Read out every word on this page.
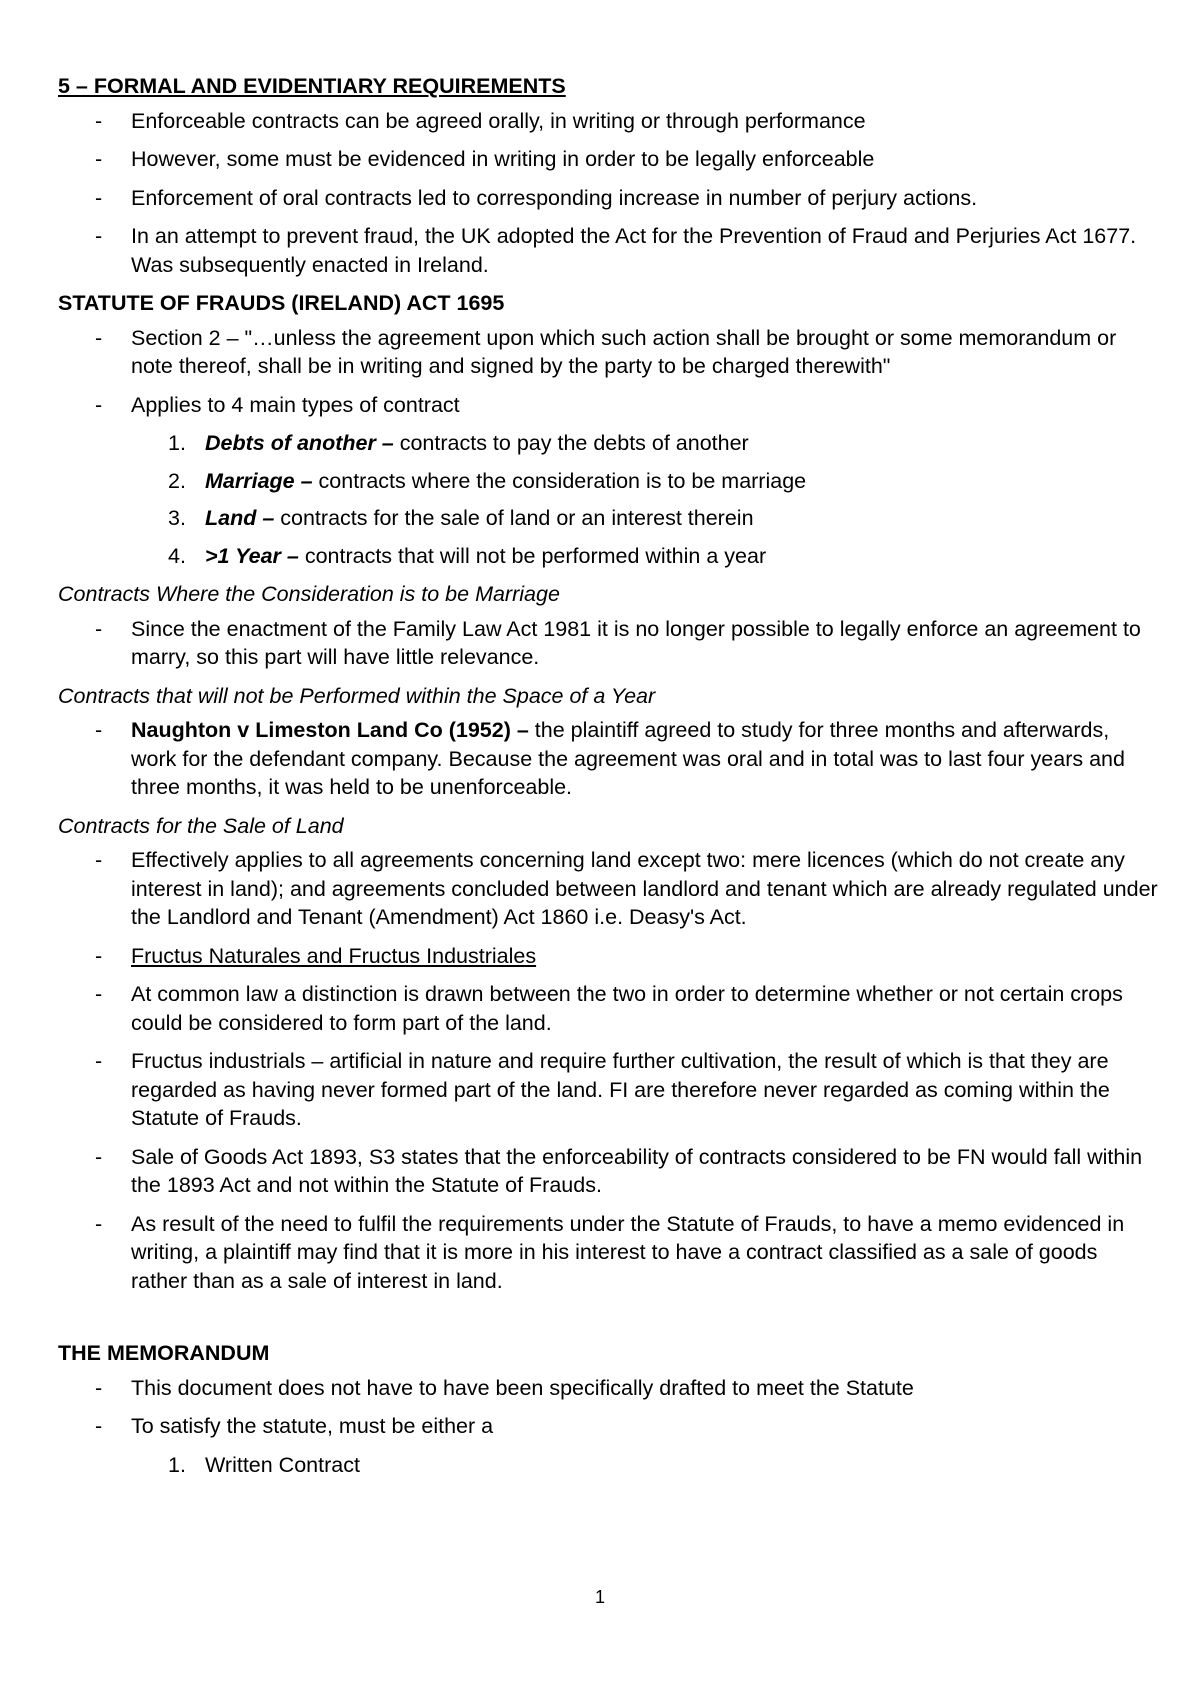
5 – FORMAL AND EVIDENTIARY REQUIREMENTS
- Enforceable contracts can be agreed orally, in writing or through performance
- However, some must be evidenced in writing in order to be legally enforceable
- Enforcement of oral contracts led to corresponding increase in number of perjury actions.
- In an attempt to prevent fraud, the UK adopted the Act for the Prevention of Fraud and Perjuries Act 1677. Was subsequently enacted in Ireland.
STATUTE OF FRAUDS (IRELAND) ACT 1695
- Section 2 – "…unless the agreement upon which such action shall be brought or some memorandum or note thereof, shall be in writing and signed by the party to be charged therewith"
- Applies to 4 main types of contract
1. Debts of another – contracts to pay the debts of another
2. Marriage – contracts where the consideration is to be marriage
3. Land – contracts for the sale of land or an interest therein
4. >1 Year – contracts that will not be performed within a year
Contracts Where the Consideration is to be Marriage
- Since the enactment of the Family Law Act 1981 it is no longer possible to legally enforce an agreement to marry, so this part will have little relevance.
Contracts that will not be Performed within the Space of a Year
- Naughton v Limeston Land Co (1952) – the plaintiff agreed to study for three months and afterwards, work for the defendant company. Because the agreement was oral and in total was to last four years and three months, it was held to be unenforceable.
Contracts for the Sale of Land
- Effectively applies to all agreements concerning land except two: mere licences (which do not create any interest in land); and agreements concluded between landlord and tenant which are already regulated under the Landlord and Tenant (Amendment) Act 1860 i.e. Deasy's Act.
- Fructus Naturales and Fructus Industriales
- At common law a distinction is drawn between the two in order to determine whether or not certain crops could be considered to form part of the land.
- Fructus industrials – artificial in nature and require further cultivation, the result of which is that they are regarded as having never formed part of the land. FI are therefore never regarded as coming within the Statute of Frauds.
- Sale of Goods Act 1893, S3 states that the enforceability of contracts considered to be FN would fall within the 1893 Act and not within the Statute of Frauds.
- As result of the need to fulfil the requirements under the Statute of Frauds, to have a memo evidenced in writing, a plaintiff may find that it is more in his interest to have a contract classified as a sale of goods rather than as a sale of interest in land.
THE MEMORANDUM
- This document does not have to have been specifically drafted to meet the Statute
- To satisfy the statute, must be either a
1. Written Contract
1
